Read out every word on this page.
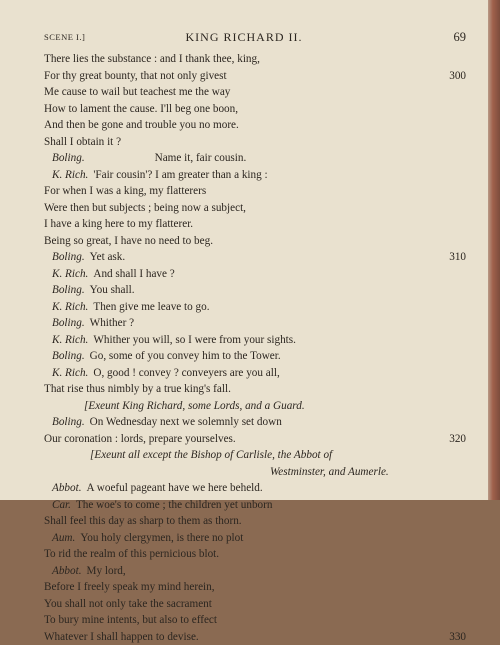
SCENE I.]	KING RICHARD II.	69
There lies the substance : and I thank thee, king,
For thy great bounty, that not only givest	300
Me cause to wail but teachest me the way
How to lament the cause. I'll beg one boon,
And then be gone and trouble you no more.
Shall I obtain it ?
Boling.	Name it, fair cousin.
K. Rich. 'Fair cousin'? I am greater than a king :
For when I was a king, my flatterers
Were then but subjects ; being now a subject,
I have a king here to my flatterer.
Being so great, I have no need to beg.
Boling. Yet ask.	310
K. Rich. And shall I have ?
Boling. You shall.
K. Rich. Then give me leave to go.
Boling. Whither ?
K. Rich. Whither you will, so I were from your sights.
Boling. Go, some of you convey him to the Tower.
K. Rich. O, good ! convey ? conveyers are you all,
That rise thus nimbly by a true king's fall.
[Exeunt King Richard, some Lords, and a Guard.
Boling. On Wednesday next we solemnly set down
Our coronation : lords, prepare yourselves.	320
[Exeunt all except the Bishop of Carlisle, the Abbot of
Westminster, and Aumerle.
Abbot. A woeful pageant have we here beheld.
Car. The woe's to come ; the children yet unborn
Shall feel this day as sharp to them as thorn.
Aum. You holy clergymen, is there no plot
To rid the realm of this pernicious blot.
Abbot. My lord,
Before I freely speak my mind herein,
You shall not only take the sacrament
To bury mine intents, but also to effect
Whatever I shall happen to devise.	330
